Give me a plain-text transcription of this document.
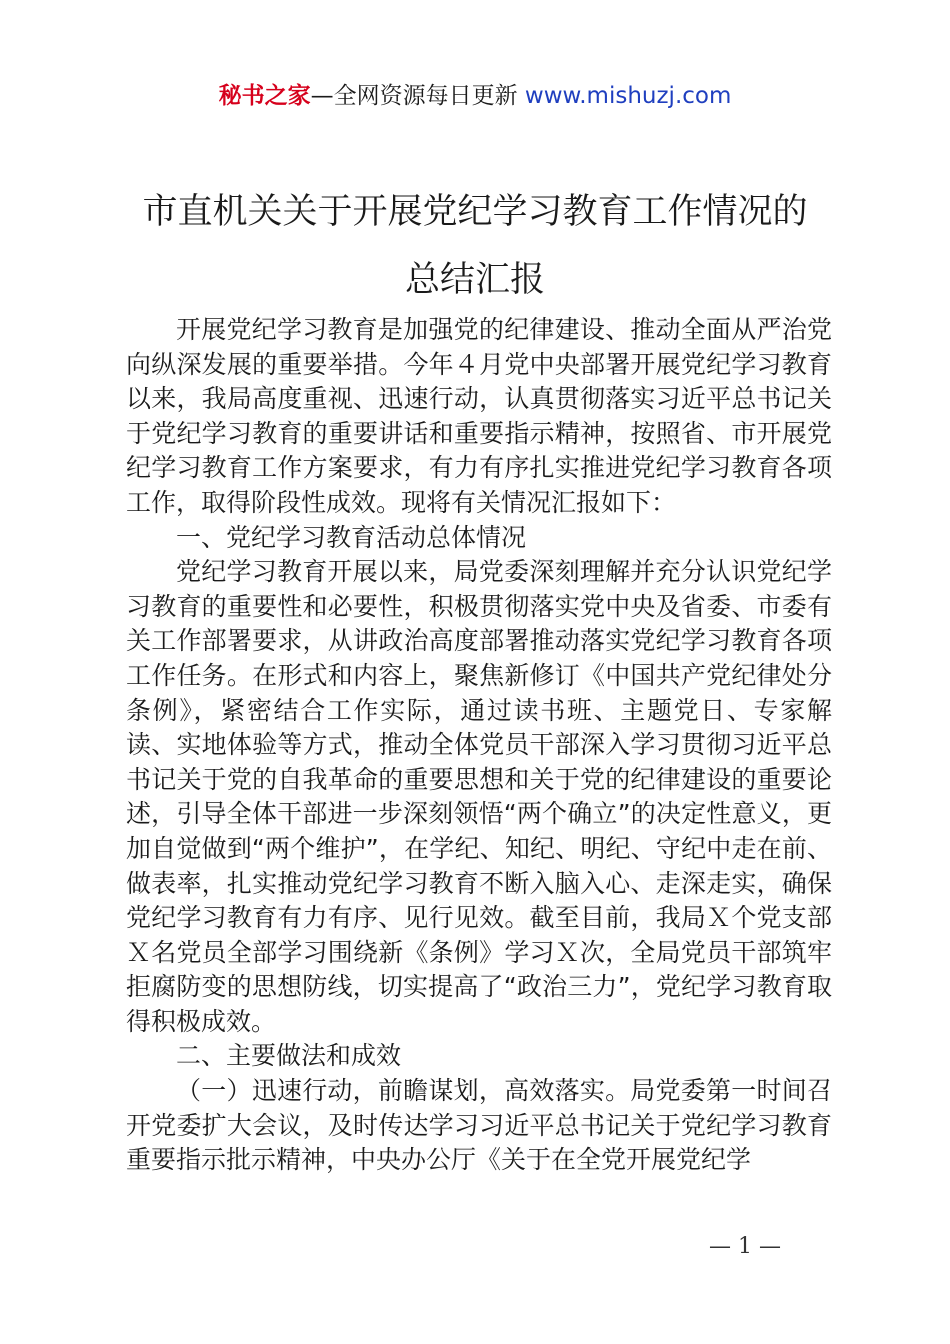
秘书之家—全网资源每日更新 www.mishuzj.com
市直机关关于开展党纪学习教育工作情况的
总结汇报

开展党纪学习教育是加强党的纪律建设、推动全面从严治党向纵深发展的重要举措。今年４月党中央部署开展党纪学习教育以来，我局高度重视、迅速行动，认真贯彻落实习近平总书记关于党纪学习教育的重要讲话和重要指示精神，按照省、市开展党纪学习教育工作方案要求，有力有序扎实推进党纪学习教育各项工作，取得阶段性成效。现将有关情况汇报如下：

一、党纪学习教育活动总体情况

党纪学习教育开展以来，局党委深刻理解并充分认识党纪学习教育的重要性和必要性，积极贯彻落实党中央及省委、市委有关工作部署要求，从讲政治高度部署推动落实党纪学习教育各项工作任务。在形式和内容上，聚焦新修订《中国共产党纪律处分条例》，紧密结合工作实际，通过读书班、主题党日、专家解读、实地体验等方式，推动全体党员干部深入学习贯彻习近平总书记关于党的自我革命的重要思想和关于党的纪律建设的重要论述，引导全体干部进一步深刻领悟“两个确立”的决定性意义，更加自觉做到“两个维护”，在学纪、知纪、明纪、守纪中走在前、做表率，扎实推动党纪学习教育不断入脑入心、走深走实，确保党纪学习教育有力有序、见行见效。截至目前，我局Ｘ个党支部Ｘ名党员全部学习围绕新《条例》学习Ｘ次，全局党员干部筑牢拒腐防变的思想防线，切实提高了“政治三力”，党纪学习教育取得积极成效。

二、主要做法和成效

（一）迅速行动，前瞻谋划，高效落实。局党委第一时间召开党委扩大会议，及时传达学习习近平总书记关于党纪学习教育重要指示批示精神，中央办公厅《关于在全党开展党纪学

— 1 —
